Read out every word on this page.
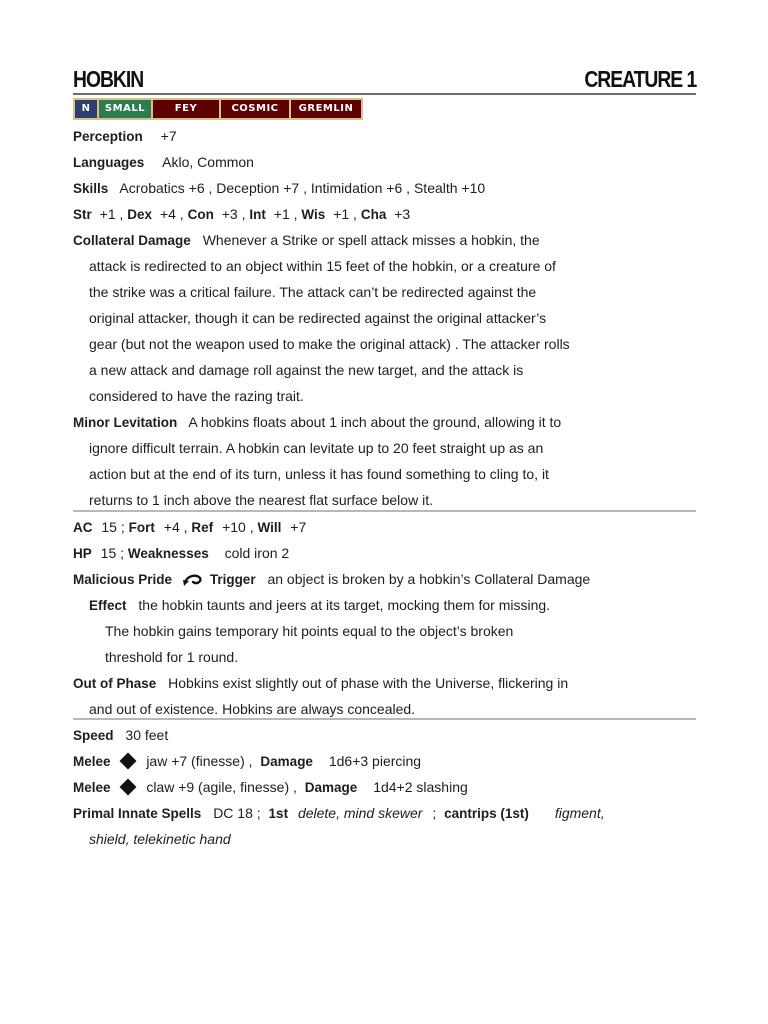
HOBKIN	CREATURE 1
N	SMALL	FEY	COSMIC	GREMLIN
Perception +7
Languages Aklo, Common
Skills Acrobatics +6 , Deception +7 , Intimidation +6 , Stealth +10
Str +1 , Dex +4 , Con +3 , Int +1 , Wis +1 , Cha +3
Collateral Damage Whenever a Strike or spell attack misses a hobkin, the
attack is redirected to an object within 15 feet of the hobkin, or a creature of
the strike was a critical failure. The attack can’t be redirected against the
original attacker, though it can be redirected against the original attacker’s
gear (but not the weapon used to make the original attack) . The attacker rolls
a new attack and damage roll against the new target, and the attack is
considered to have the razing trait.
Minor Levitation A hobkins floats about 1 inch about the ground, allowing it to
ignore difficult terrain. A hobkin can levitate up to 20 feet straight up as an
action but at the end of its turn, unless it has found something to cling to, it
returns to 1 inch above the nearest flat surface below it.
AC 15 ; Fort +4 , Ref +10 , Will +7
HP 15 ; Weaknesses cold iron 2
Malicious Pride	Trigger an object is broken by a hobkin’s Collateral Damage
Effect the hobkin taunts and jeers at its target, mocking them for missing.
The hobkin gains temporary hit points equal to the object’s broken
threshold for 1 round.
Out of Phase Hobkins exist slightly out of phase with the Universe, flickering in
and out of existence. Hobkins are always concealed.
Speed 30 feet
Melee	jaw +7 (finesse) , Damage 1d6+3 piercing
Melee	claw +9 (agile, finesse) , Damage 1d4+2 slashing
Primal Innate Spells DC 18 ; 1st delete, mind skewer ; cantrips (1st) figment,
shield, telekinetic hand
